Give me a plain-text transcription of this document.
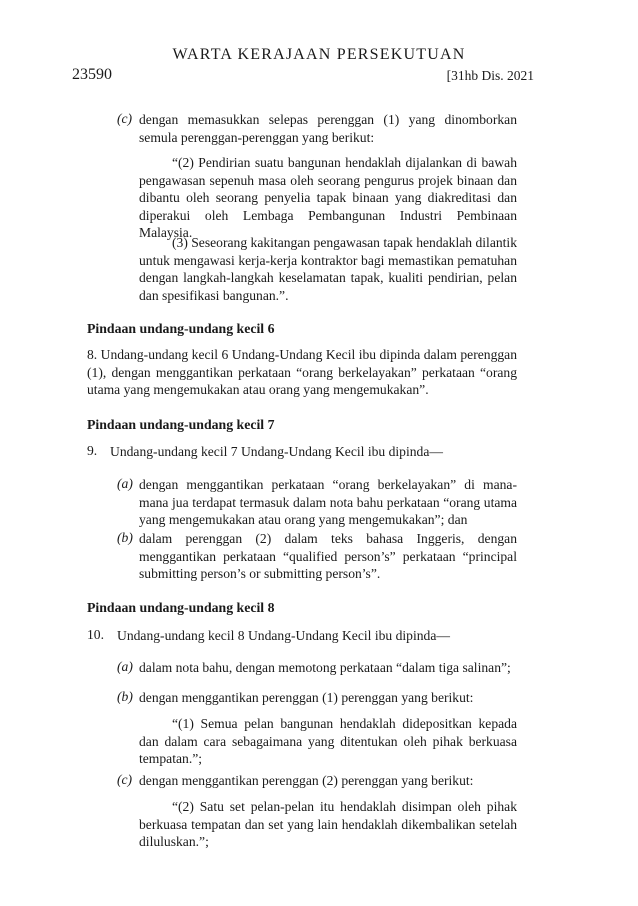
WARTA KERAJAAN PERSEKUTUAN
23590	[31hb Dis. 2021
(c) dengan memasukkan selepas perenggan (1) yang dinomborkan semula perenggan-perenggan yang berikut:
“(2) Pendirian suatu bangunan hendaklah dijalankan di bawah pengawasan sepenuh masa oleh seorang pengurus projek binaan dan dibantu oleh seorang penyelia tapak binaan yang diakreditasi dan diperakui oleh Lembaga Pembangunan Industri Pembinaan Malaysia.
(3) Seseorang kakitangan pengawasan tapak hendaklah dilantik untuk mengawasi kerja-kerja kontraktor bagi memastikan pematuhan dengan langkah-langkah keselamatan tapak, kualiti pendirian, pelan dan spesifikasi bangunan.”.
Pindaan undang-undang kecil 6
8. Undang-undang kecil 6 Undang-Undang Kecil ibu dipinda dalam perenggan (1), dengan menggantikan perkataan “orang berkelayakan” perkataan “orang utama yang mengemukakan atau orang yang mengemukakan”.
Pindaan undang-undang kecil 7
9. Undang-undang kecil 7 Undang-Undang Kecil ibu dipinda—
(a) dengan menggantikan perkataan “orang berkelayakan” di mana-mana jua terdapat termasuk dalam nota bahu perkataan “orang utama yang mengemukakan atau orang yang mengemukakan”; dan
(b) dalam perenggan (2) dalam teks bahasa Inggeris, dengan menggantikan perkataan “qualified person’s” perkataan “principal submitting person’s or submitting person’s”.
Pindaan undang-undang kecil 8
10. Undang-undang kecil 8 Undang-Undang Kecil ibu dipinda—
(a) dalam nota bahu, dengan memotong perkataan “dalam tiga salinan”;
(b) dengan menggantikan perenggan (1) perenggan yang berikut:
“(1) Semua pelan bangunan hendaklah didepositkan kepada dan dalam cara sebagaimana yang ditentukan oleh pihak berkuasa tempatan.”;
(c) dengan menggantikan perenggan (2) perenggan yang berikut:
“(2) Satu set pelan-pelan itu hendaklah disimpan oleh pihak berkuasa tempatan dan set yang lain hendaklah dikembalikan setelah diluluskan.”;
